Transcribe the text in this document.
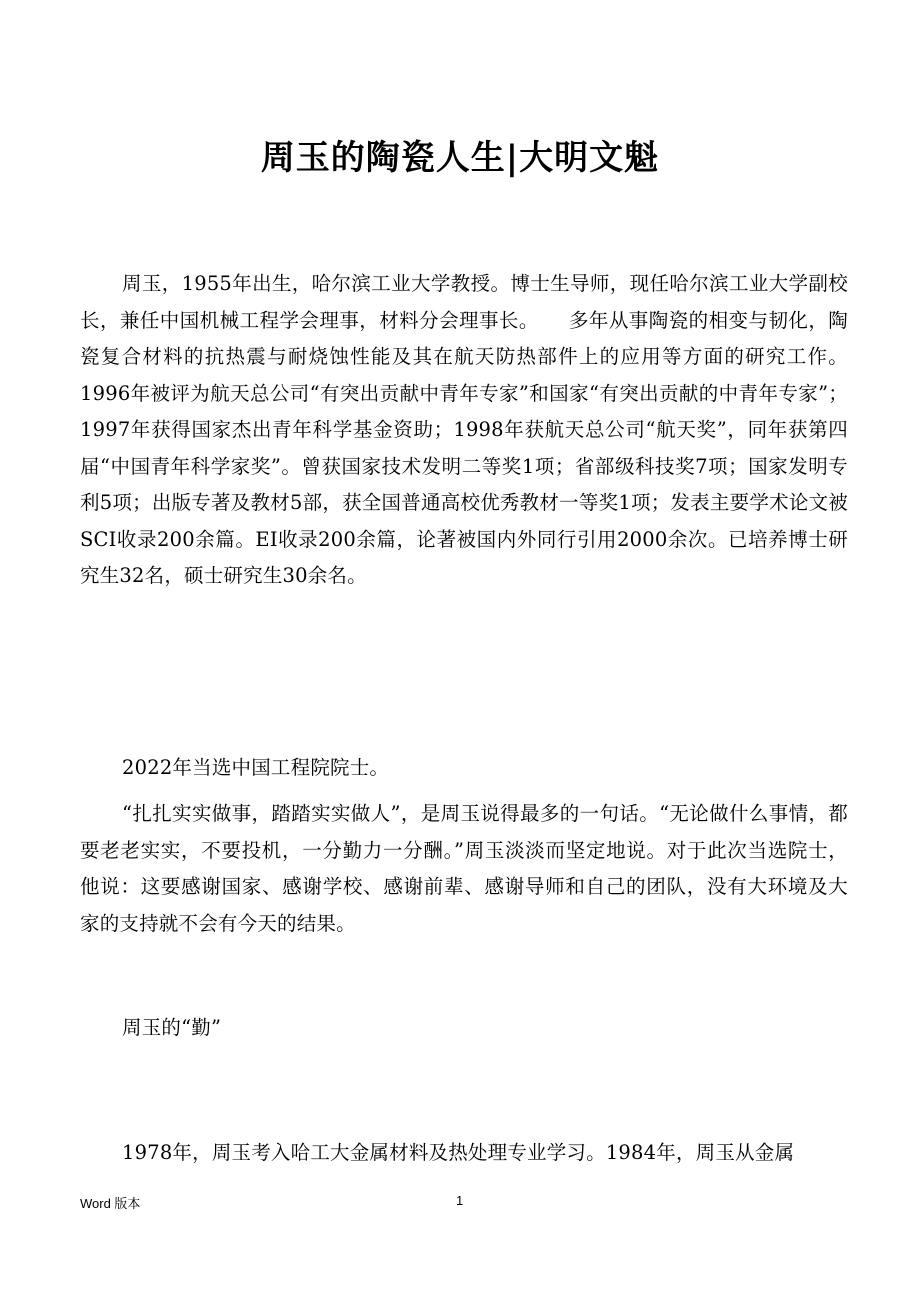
周玉的陶瓷人生|大明文魁

周玉，1955年出生，哈尔滨工业大学教授。博士生导师，现任哈尔滨工业大学副校长，兼任中国机械工程学会理事，材料分会理事长。　　多年从事陶瓷的相变与韧化，陶瓷复合材料的抗热震与耐烧蚀性能及其在航天防热部件上的应用等方面的研究工作。1996年被评为航天总公司“有突出贡献中青年专家”和国家“有突出贡献的中青年专家”；1997年获得国家杰出青年科学基金资助；1998年获航天总公司“航天奖”，同年获第四届“中国青年科学家奖”。曾获国家技术发明二等奖1项；省部级科技奖7项；国家发明专利5项；出版专著及教材5部，获全国普通高校优秀教材一等奖1项；发表主要学术论文被SCI收录200余篇。EI收录200余篇，论著被国内外同行引用2000余次。已培养博士研究生32名，硕士研究生30余名。

2022年当选中国工程院院士。

“扎扎实实做事，踏踏实实做人”，是周玉说得最多的一句话。“无论做什么事情，都要老老实实，不要投机，一分勤力一分酬。”周玉淡淡而坚定地说。对于此次当选院士，他说：这要感谢国家、感谢学校、感谢前辈、感谢导师和自己的团队，没有大环境及大家的支持就不会有今天的结果。

周玉的“勤”

1978年，周玉考入哈工大金属材料及热处理专业学习。1984年，周玉从金属

Word 版本	1
